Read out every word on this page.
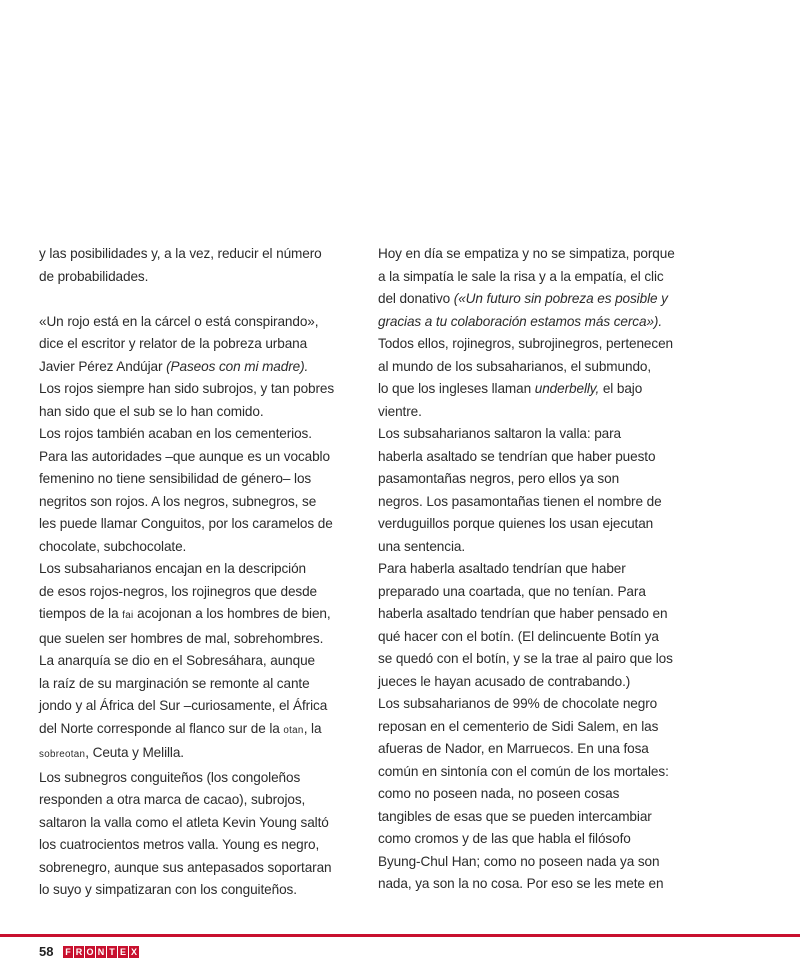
y las posibilidades y, a la vez, reducir el número

de probabilidades.

«Un rojo está en la cárcel o está conspirando»,

dice el escritor y relator de la pobreza urbana

Javier Pérez Andújar (Paseos con mi madre).

Los rojos siempre han sido subrojos, y tan pobres

han sido que el sub se lo han comido.

Los rojos también acaban en los cementerios.

Para las autoridades –que aunque es un vocablo

femenino no tiene sensibilidad de género– los

negritos son rojos. A los negros, subnegros, se

les puede llamar Conguitos, por los caramelos de

chocolate, subchocolate.

Los subsaharianos encajan en la descripción

de esos rojos-negros, los rojinegros que desde

tiempos de la fai acojonan a los hombres de bien,

que suelen ser hombres de mal, sobrehombres.

La anarquía se dio en el Sobresáhara, aunque

la raíz de su marginación se remonte al cante

jondo y al África del Sur –curiosamente, el África

del Norte corresponde al flanco sur de la otan, la

sobreotan, Ceuta y Melilla.

Los subnegros conguiteños (los congoleños

responden a otra marca de cacao), subrojos,

saltaron la valla como el atleta Kevin Young saltó

los cuatrocientos metros valla. Young es negro,

sobrenegro, aunque sus antepasados soportaran

lo suyo y simpatizaran con los conguiteños.

Hoy en día se empatiza y no se simpatiza, porque

a la simpatía le sale la risa y a la empatía, el clic

del donativo («Un futuro sin pobreza es posible y

gracias a tu colaboración estamos más cerca»).

Todos ellos, rojinegros, subrojinegros, pertenecen

al mundo de los subsaharianos, el submundo,

lo que los ingleses llaman underbelly, el bajo

vientre.

Los subsaharianos saltaron la valla: para

haberla asaltado se tendrían que haber puesto

pasamontañas negros, pero ellos ya son

negros. Los pasamontañas tienen el nombre de

verduguillos porque quienes los usan ejecutan

una sentencia.

Para haberla asaltado tendrían que haber

preparado una coartada, que no tenían. Para

haberla asaltado tendrían que haber pensado en

qué hacer con el botín. (El delincuente Botín ya

se quedó con el botín, y se la trae al pairo que los

jueces le hayan acusado de contrabando.)

Los subsaharianos de 99% de chocolate negro

reposan en el cementerio de Sidi Salem, en las

afueras de Nador, en Marruecos. En una fosa

común en sintonía con el común de los mortales:

como no poseen nada, no poseen cosas

tangibles de esas que se pueden intercambiar

como cromos y de las que habla el filósofo

Byung-Chul Han; como no poseen nada ya son

nada, ya son la no cosa. Por eso se les mete en

58 F R O N T E X
